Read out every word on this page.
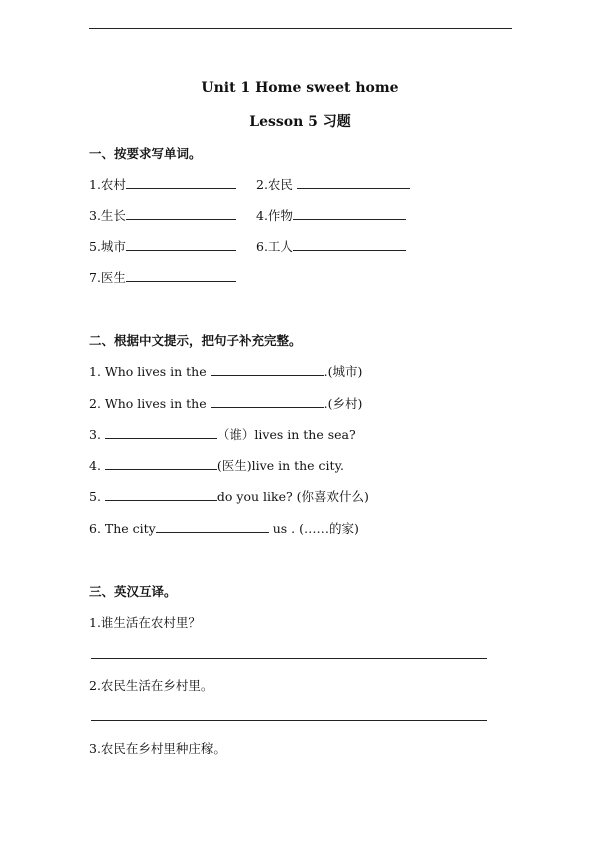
Unit 1 Home sweet home
Lesson 5 习题
一、按要求写单词。
1.农村	2.农民
3.生长	4.作物
5.城市	6.工人
7.医生
二、根据中文提示，把句子补充完整。
1. Who lives in the	.(城市)
2. Who lives in the	.(乡村)
3.	（谁）lives in the sea?
4.	(医生)live in the city.
5.	do you like? (你喜欢什么)
6. The city	us . (……的家)
三、英汉互译。
1.谁生活在农村里？
2.农民生活在乡村里。
3.农民在乡村里种庄稼。
